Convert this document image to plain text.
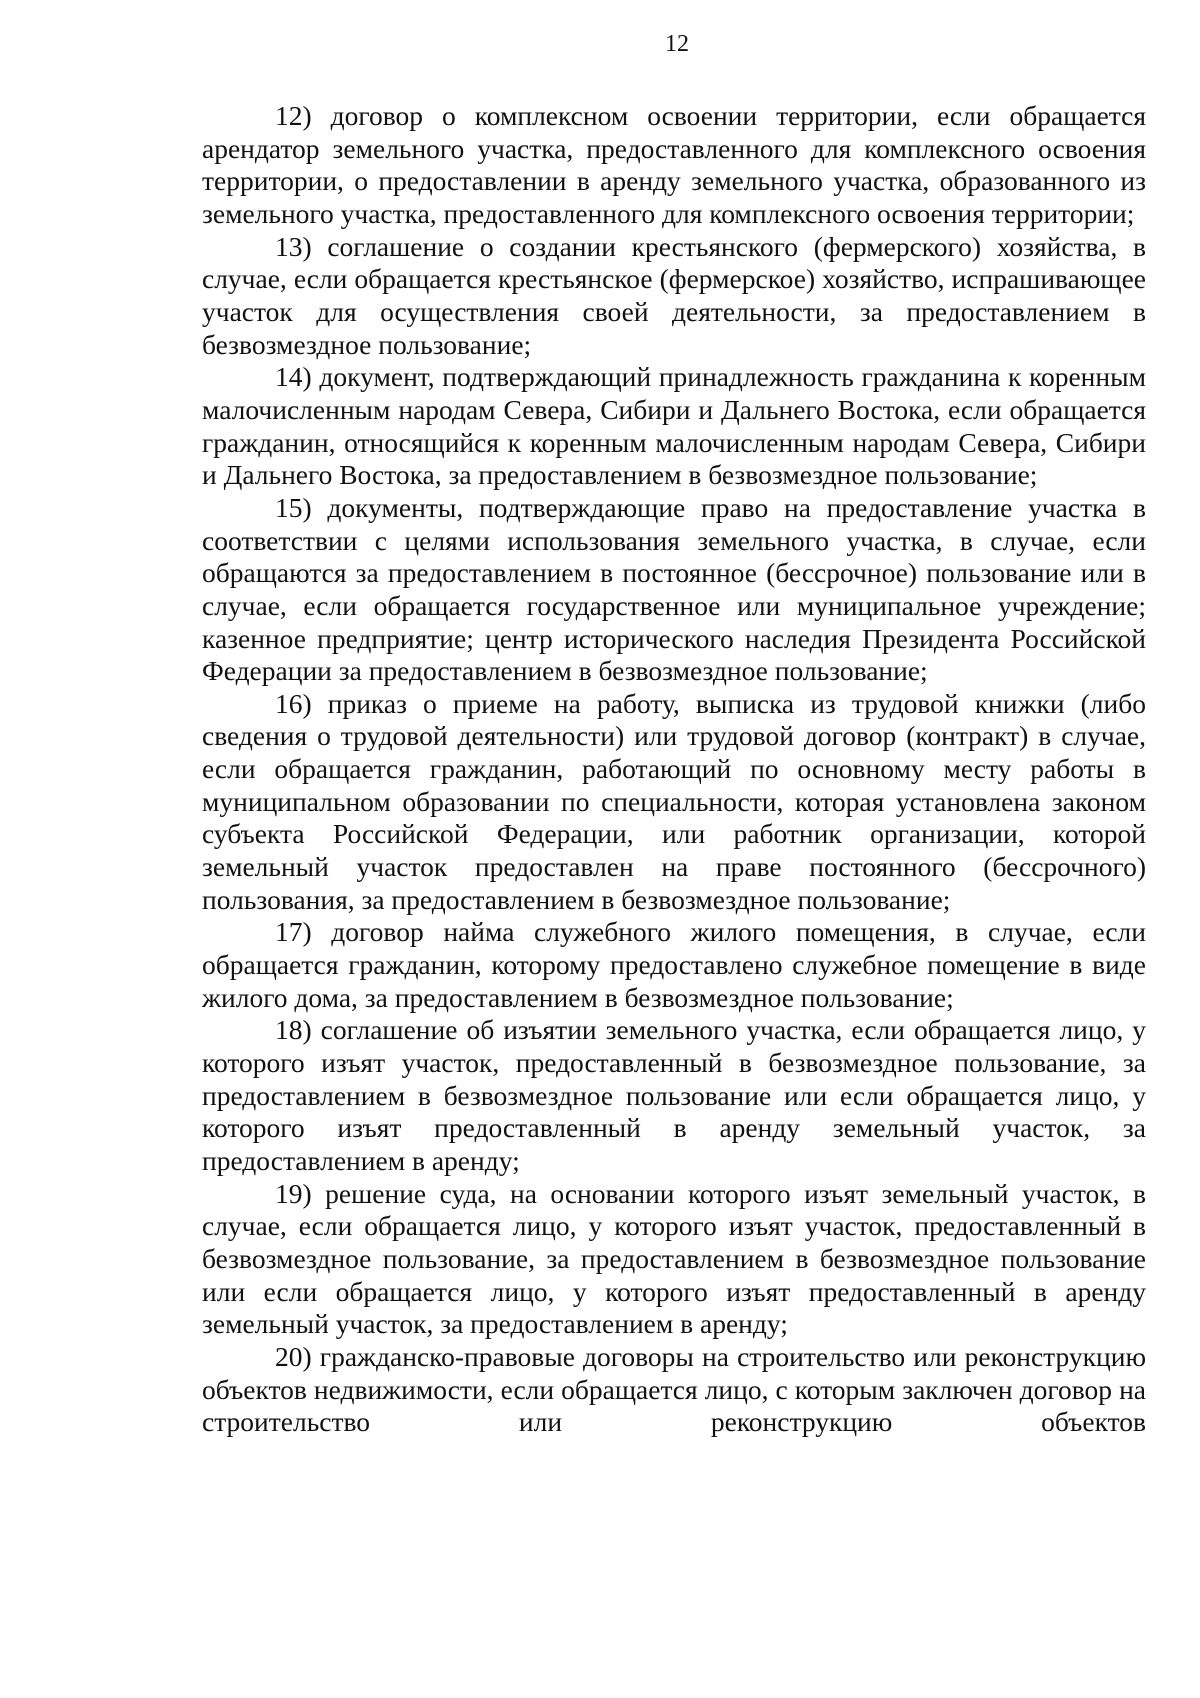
12

12) договор о комплексном освоении территории, если обращается арендатор земельного участка, предоставленного для комплексного освоения территории, о предоставлении в аренду земельного участка, образованного из земельного участка, предоставленного для комплексного освоения территории;

13) соглашение о создании крестьянского (фермерского) хозяйства, в случае, если обращается крестьянское (фермерское) хозяйство, испрашивающее участок для осуществления своей деятельности, за предоставлением в безвозмездное пользование;

14) документ, подтверждающий принадлежность гражданина к коренным малочисленным народам Севера, Сибири и Дальнего Востока, если обращается гражданин, относящийся к коренным малочисленным народам Севера, Сибири и Дальнего Востока, за предоставлением в безвозмездное пользование;

15) документы, подтверждающие право на предоставление участка в соответствии с целями использования земельного участка, в случае, если обращаются за предоставлением в постоянное (бессрочное) пользование или в случае, если обращается государственное или муниципальное учреждение; казенное предприятие; центр исторического наследия Президента Российской Федерации за предоставлением в безвозмездное пользование;

16) приказ о приеме на работу, выписка из трудовой книжки (либо сведения о трудовой деятельности) или трудовой договор (контракт) в случае, если обращается гражданин, работающий по основному месту работы в муниципальном образовании по специальности, которая установлена законом субъекта Российской Федерации, или работник организации, которой земельный участок предоставлен на праве постоянного (бессрочного) пользования, за предоставлением в безвозмездное пользование;

17) договор найма служебного жилого помещения, в случае, если обращается гражданин, которому предоставлено служебное помещение в виде жилого дома, за предоставлением в безвозмездное пользование;

18) соглашение об изъятии земельного участка, если обращается лицо, у которого изъят участок, предоставленный в безвозмездное пользование, за предоставлением в безвозмездное пользование или если обращается лицо, у которого изъят предоставленный в аренду земельный участок, за предоставлением в аренду;

19) решение суда, на основании которого изъят земельный участок, в случае, если обращается лицо, у которого изъят участок, предоставленный в безвозмездное пользование, за предоставлением в безвозмездное пользование или если обращается лицо, у которого изъят предоставленный в аренду земельный участок, за предоставлением в аренду;

20) гражданско-правовые договоры на строительство или реконструкцию объектов недвижимости, если обращается лицо, с которым заключен договор на строительство или реконструкцию объектов
